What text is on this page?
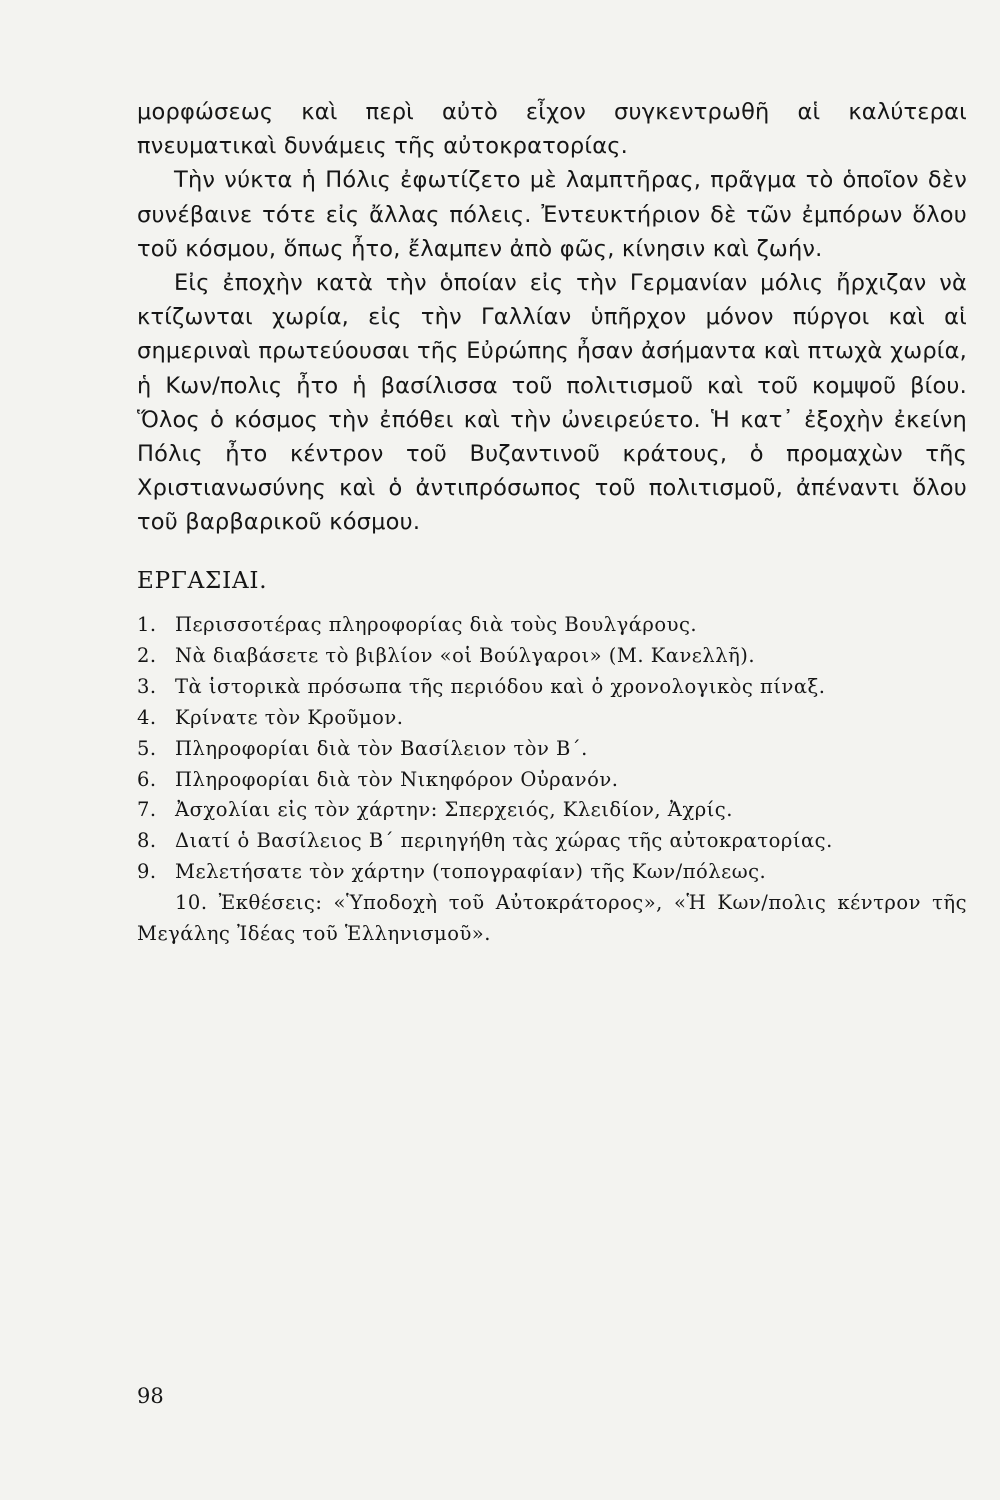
μορφώσεως καὶ περὶ αὐτὸ εἶχον συγκεντρωθῆ αἱ καλύτεραι πνευματικαὶ δυνάμεις τῆς αὐτοκρατορίας.

Τὴν νύκτα ἡ Πόλις ἐφωτίζετο μὲ λαμπτῆρας, πρᾶγμα τὸ ὁποῖον δὲν συνέβαινε τότε εἰς ἄλλας πόλεις. Ἐντευκτήριον δὲ τῶν ἐμπόρων ὅλου τοῦ κόσμου, ὅπως ἦτο, ἔλαμπεν ἀπὸ φῶς, κίνησιν καὶ ζωήν.

Εἰς ἐποχὴν κατὰ τὴν ὁποίαν εἰς τὴν Γερμανίαν μόλις ἤρχιζαν νὰ κτίζωνται χωρία, εἰς τὴν Γαλλίαν ὑπῆρχον μόνον πύργοι καὶ αἱ σημεριναὶ πρωτεύουσαι τῆς Εὐρώπης ἦσαν ἀσήμαντα καὶ πτωχὰ χωρία, ἡ Κων/πολις ἦτο ἡ βασίλισσα τοῦ πολιτισμοῦ καὶ τοῦ κομψοῦ βίου. Ὅλος ὁ κόσμος τὴν ἐπόθει καὶ τὴν ὠνειρεύετο. Ἡ κατ᾽ ἐξοχὴν ἐκείνη Πόλις ἦτο κέντρον τοῦ Βυζαντινοῦ κράτους, ὁ προμαχὼν τῆς Χριστιανωσύνης καὶ ὁ ἀντιπρόσωπος τοῦ πολιτισμοῦ, ἀπέναντι ὅλου τοῦ βαρβαρικοῦ κόσμου.

ΕΡΓΑΣΙΑΙ.
1. Περισσοτέρας πληροφορίας διὰ τοὺς Βουλγάρους.
2. Νὰ διαβάσετε τὸ βιβλίον «οἱ Βούλγαροι» (Μ. Κανελλῆ).
3. Τὰ ἱστορικὰ πρόσωπα τῆς περιόδου καὶ ὁ χρονολογικὸς πίναξ.
4. Κρίνατε τὸν Κροῦμον.
5. Πληροφορίαι διὰ τὸν Βασίλειον τὸν Β΄.
6. Πληροφορίαι διὰ τὸν Νικηφόρον Οὐρανόν.
7. Ἀσχολίαι εἰς τὸν χάρτην: Σπερχειός, Κλειδίον, Ἀχρίς.
8. Διατί ὁ Βασίλειος Β΄ περιηγήθη τὰς χώρας τῆς αὐτοκρατορίας.
9. Μελετήσατε τὸν χάρτην (τοπογραφίαν) τῆς Κων/πόλεως.
10. Ἐκθέσεις: «Ὑποδοχὴ τοῦ Αὐτοκράτορος», «Ἡ Κων/πολις κέντρον τῆς Μεγάλης Ἰδέας τοῦ Ἑλληνισμοῦ».
98
